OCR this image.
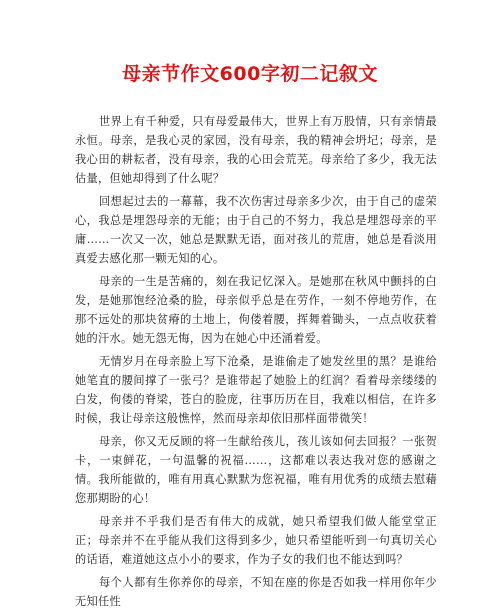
母亲节作文600字初二记叙文

世界上有千种爱，只有母爱最伟大，世界上有万股情，只有亲情最永恒。母亲，是我心灵的家园，没有母亲，我的精神会坍圮；母亲，是我心田的耕耘者，没有母亲，我的心田会荒芜。母亲给了多少，我无法估量，但她却得到了什么呢？

回想起过去的一幕幕，我不次伤害过母亲多少次，由于自己的虚荣心，我总是埋怨母亲的无能；由于自己的不努力，我总是埋怨母亲的平庸……一次又一次，她总是默默无语，面对孩儿的荒唐，她总是看淡用真爱去感化那一颗无知的心。

母亲的一生是苦痛的，刻在我记忆深入。是她那在秋风中颤抖的白发，是她那饱经沧桑的脸，母亲似乎总是在劳作，一刻不停地劳作，在那不远处的那块贫瘠的土地上，佝偻着腰，挥舞着锄头，一点点收获着她的汗水。她无怨无悔，因为在她心中还涌着爱。

无情岁月在母亲脸上写下沧桑，是谁偷走了她发丝里的黑？是谁给她笔直的腰间撑了一张弓？是谁带起了她脸上的红润？看着母亲缕缕的白发，佝偻的脊梁，苍白的脸庞，往事历历在目，我难以相信，在许多时候，我让母亲这般憔悴，然而母亲却依旧那样面带微笑！

母亲，你又无反顾的将一生献给孩儿，孩儿该如何去回报？一张贺卡，一束鲜花，一句温馨的祝福……，这都难以表达我对您的感谢之情。我所能做的，唯有用真心默默为您祝福，唯有用优秀的成绩去慰藉您那期盼的心！

母亲并不乎我们是否有伟大的成就，她只希望我们做人能堂堂正正；母亲并不在乎能从我们这得到多少，她只希望能听到一句真切关心的话语，难道她这点小小的要求，作为子女的我们也不能达到吗？

每个人都有生你养你的母亲，不知在座的你是否如我一样用你年少无知任性
